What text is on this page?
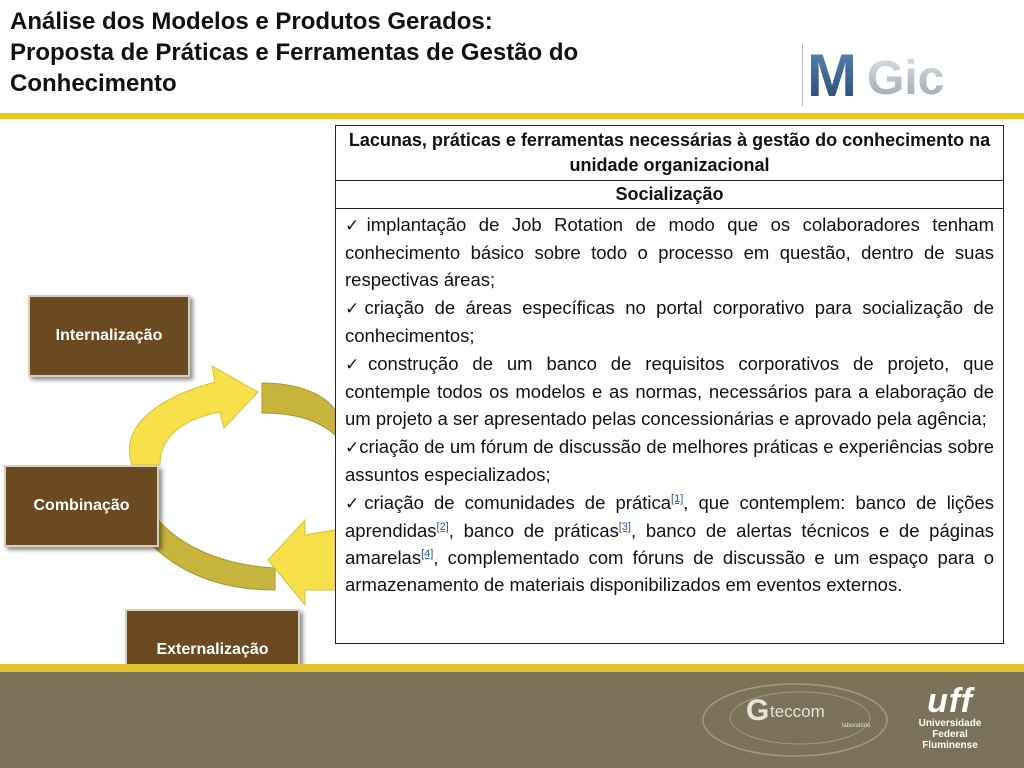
Análise dos Modelos e Produtos Gerados:
Proposta de Práticas e Ferramentas de Gestão do
Conhecimento	M Gic
Internalização
Combinação
Externalização
Lacunas, práticas e ferramentas necessárias à gestão do conhecimento na unidade organizacional
Socialização
✓implantação de Job Rotation de modo que os colaboradores tenham conhecimento básico sobre todo o processo em questão, dentro de suas respectivas áreas;
✓criação de áreas específicas no portal corporativo para socialização de conhecimentos;
✓construção de um banco de requisitos corporativos de projeto, que contemple todos os modelos e as normas, necessários para a elaboração de um projeto a ser apresentado pelas concessionárias e aprovado pela agência;
✓criação de um fórum de discussão de melhores práticas e experiências sobre assuntos especializados;
✓criação de comunidades de prática[1], que contemplem: banco de lições aprendidas[2], banco de práticas[3], banco de alertas técnicos e de páginas amarelas[4], complementado com fóruns de discussão e um espaço para o armazenamento de materiais disponibilizados em eventos externos.
G teccom
laboratório
uff
Universidade
Federal
Fluminense
